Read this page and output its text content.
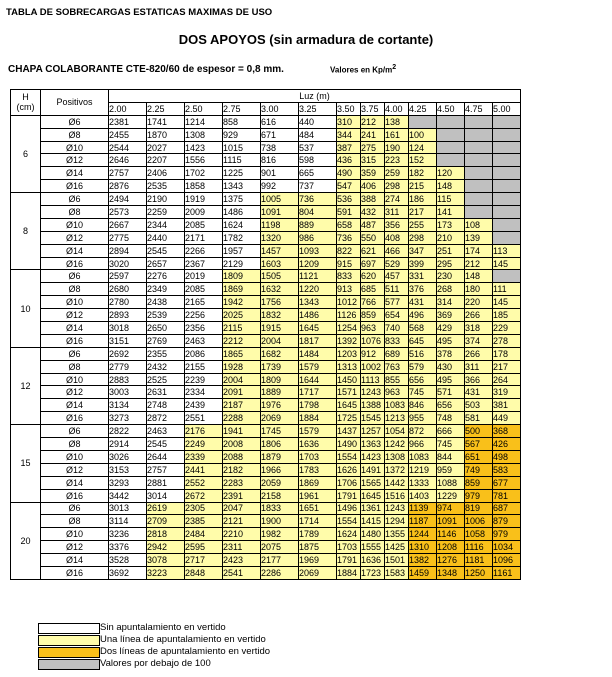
TABLA DE SOBRECARGAS ESTATICAS MAXIMAS DE USO
DOS APOYOS (sin armadura de cortante)
CHAPA COLABORANTE CTE-820/60 de espesor = 0,8 mm.	Valores en $Kp/m^2$
H
(cm)	Positivos	Luz (m)												
		2.00	2.25	2.50	2.75	3.00	3.25	3.50	3.75	4.00	4.25	4.50	4.75	5.00
6	Ø6	2381	1741	1214	858	616	440	310	212	138				
	Ø8	2455	1870	1308	929	671	484	344	241	161	100			
	Ø10	2544	2027	1423	1015	738	537	387	275	190	124			
	Ø12	2646	2207	1556	1115	816	598	436	315	223	152			
	Ø14	2757	2406	1702	1225	901	665	490	359	259	182	120		
	Ø16	2876	2535	1858	1343	992	737	547	406	298	215	148		
8	Ø6	2494	2190	1919	1375	1005	736	536	388	274	186	115		
	Ø8	2573	2259	2009	1486	1091	804	591	432	311	217	141		
	Ø10	2667	2344	2085	1624	1198	889	658	487	356	255	173	108	
	Ø12	2775	2440	2171	1782	1320	986	736	550	408	298	210	139	
	Ø14	2894	2545	2266	1957	1457	1093	822	621	466	347	251	174	113
	Ø16	3020	2657	2367	2129	1603	1209	915	697	529	399	295	212	145
10	Ø6	2597	2276	2019	1809	1505	1121	833	620	457	331	230	148	
	Ø8	2680	2349	2085	1869	1632	1220	913	685	511	376	268	180	111
	Ø10	2780	2438	2165	1942	1756	1343	1012	766	577	431	314	220	145
	Ø12	2893	2539	2256	2025	1832	1486	1126	859	654	496	369	266	185
	Ø14	3018	2650	2356	2115	1915	1645	1254	963	740	568	429	318	229
	Ø16	3151	2769	2463	2212	2004	1817	1392	1076	833	645	495	374	278
12	Ø6	2692	2355	2086	1865	1682	1484	1203	912	689	516	378	266	178
	Ø8	2779	2432	2155	1928	1739	1579	1313	1002	763	579	430	311	217
	Ø10	2883	2525	2239	2004	1809	1644	1450	1113	855	656	495	366	264
	Ø12	3003	2631	2334	2091	1889	1717	1571	1243	963	745	571	431	319
	Ø14	3134	2748	2439	2187	1976	1798	1645	1388	1083	846	656	503	381
	Ø16	3273	2872	2551	2288	2069	1884	1725	1545	1213	955	748	581	449
15	Ø6	2822	2463	2176	1941	1745	1579	1437	1257	1054	872	666	500	368
	Ø8	2914	2545	2249	2008	1806	1636	1490	1363	1242	966	745	567	426
	Ø10	3026	2644	2339	2088	1879	1703	1554	1423	1308	1083	844	651	498
	Ø12	3153	2757	2441	2182	1966	1783	1626	1491	1372	1219	959	749	583
	Ø14	3293	2881	2552	2283	2059	1869	1706	1565	1442	1333	1088	859	677
	Ø16	3442	3014	2672	2391	2158	1961	1791	1645	1516	1403	1229	979	781
20	Ø6	3013	2619	2305	2047	1833	1651	1496	1361	1243	1139	974	819	687
	Ø8	3114	2709	2385	2121	1900	1714	1554	1415	1294	1187	1091	1006	879
	Ø10	3236	2818	2484	2210	1982	1789	1624	1480	1355	1244	1146	1058	979
	Ø12	3376	2942	2595	2311	2075	1875	1703	1555	1425	1310	1208	1116	1034
	Ø14	3528	3078	2717	2423	2177	1969	1791	1636	1501	1382	1276	1181	1096
	Ø16	3692	3223	2848	2541	2286	2069	1884	1723	1583	1459	1348	1250	1161
Sin apuntalamiento en vertido
Una línea de apuntalamiento en vertido
Dos líneas de apuntalamiento en vertido
Valores por debajo de 100
